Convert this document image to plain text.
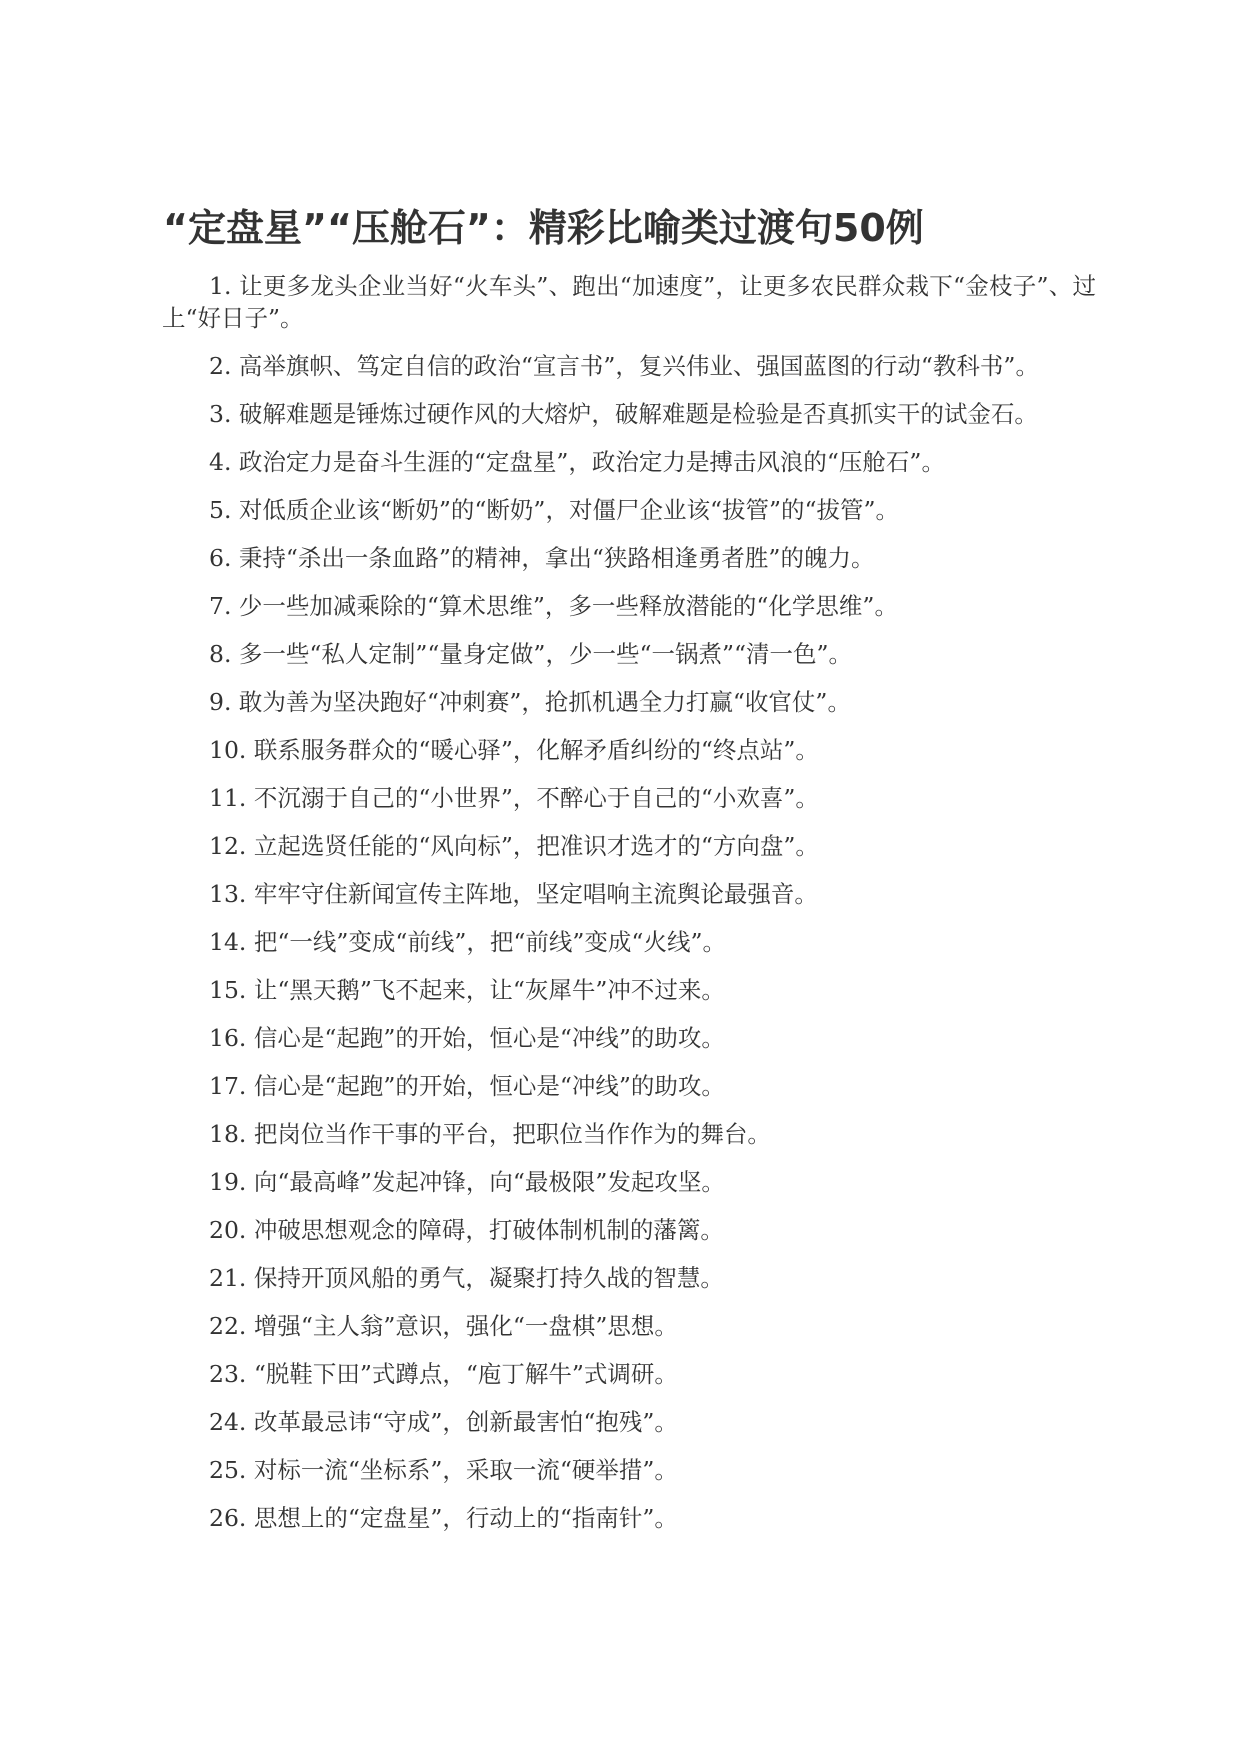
“定盘星”“压舱石”：精彩比喻类过渡句50例
1. 让更多龙头企业当好“火车头”、跑出“加速度”，让更多农民群众栽下“金枝子”、过上“好日子”。
2. 高举旗帜、笃定自信的政治“宣言书”，复兴伟业、强国蓝图的行动“教科书”。
3. 破解难题是锤炼过硬作风的大熔炉，破解难题是检验是否真抓实干的试金石。
4. 政治定力是奋斗生涯的“定盘星”，政治定力是搏击风浪的“压舱石”。
5. 对低质企业该“断奶”的“断奶”，对僵尸企业该“拔管”的“拔管”。
6. 秉持“杀出一条血路”的精神，拿出“狭路相逢勇者胜”的魄力。
7. 少一些加减乘除的“算术思维”，多一些释放潜能的“化学思维”。
8. 多一些“私人定制”“量身定做”，少一些“一锅煮”“清一色”。
9. 敢为善为坚决跑好“冲刺赛”，抢抓机遇全力打赢“收官仗”。
10. 联系服务群众的“暖心驿”，化解矛盾纠纷的“终点站”。
11. 不沉溺于自己的“小世界”，不醉心于自己的“小欢喜”。
12. 立起选贤任能的“风向标”，把准识才选才的“方向盘”。
13. 牢牢守住新闻宣传主阵地，坚定唱响主流舆论最强音。
14. 把“一线”变成“前线”，把“前线”变成“火线”。
15. 让“黑天鹅”飞不起来，让“灰犀牛”冲不过来。
16. 信心是“起跑”的开始，恒心是“冲线”的助攻。
17. 信心是“起跑”的开始，恒心是“冲线”的助攻。
18. 把岗位当作干事的平台，把职位当作作为的舞台。
19. 向“最高峰”发起冲锋，向“最极限”发起攻坚。
20. 冲破思想观念的障碍，打破体制机制的藩篱。
21. 保持开顶风船的勇气，凝聚打持久战的智慧。
22. 增强“主人翁”意识，强化“一盘棋”思想。
23. “脱鞋下田”式蹲点，“庖丁解牛”式调研。
24. 改革最忌讳“守成”，创新最害怕“抱残”。
25. 对标一流“坐标系”，采取一流“硬举措”。
26. 思想上的“定盘星”，行动上的“指南针”。
